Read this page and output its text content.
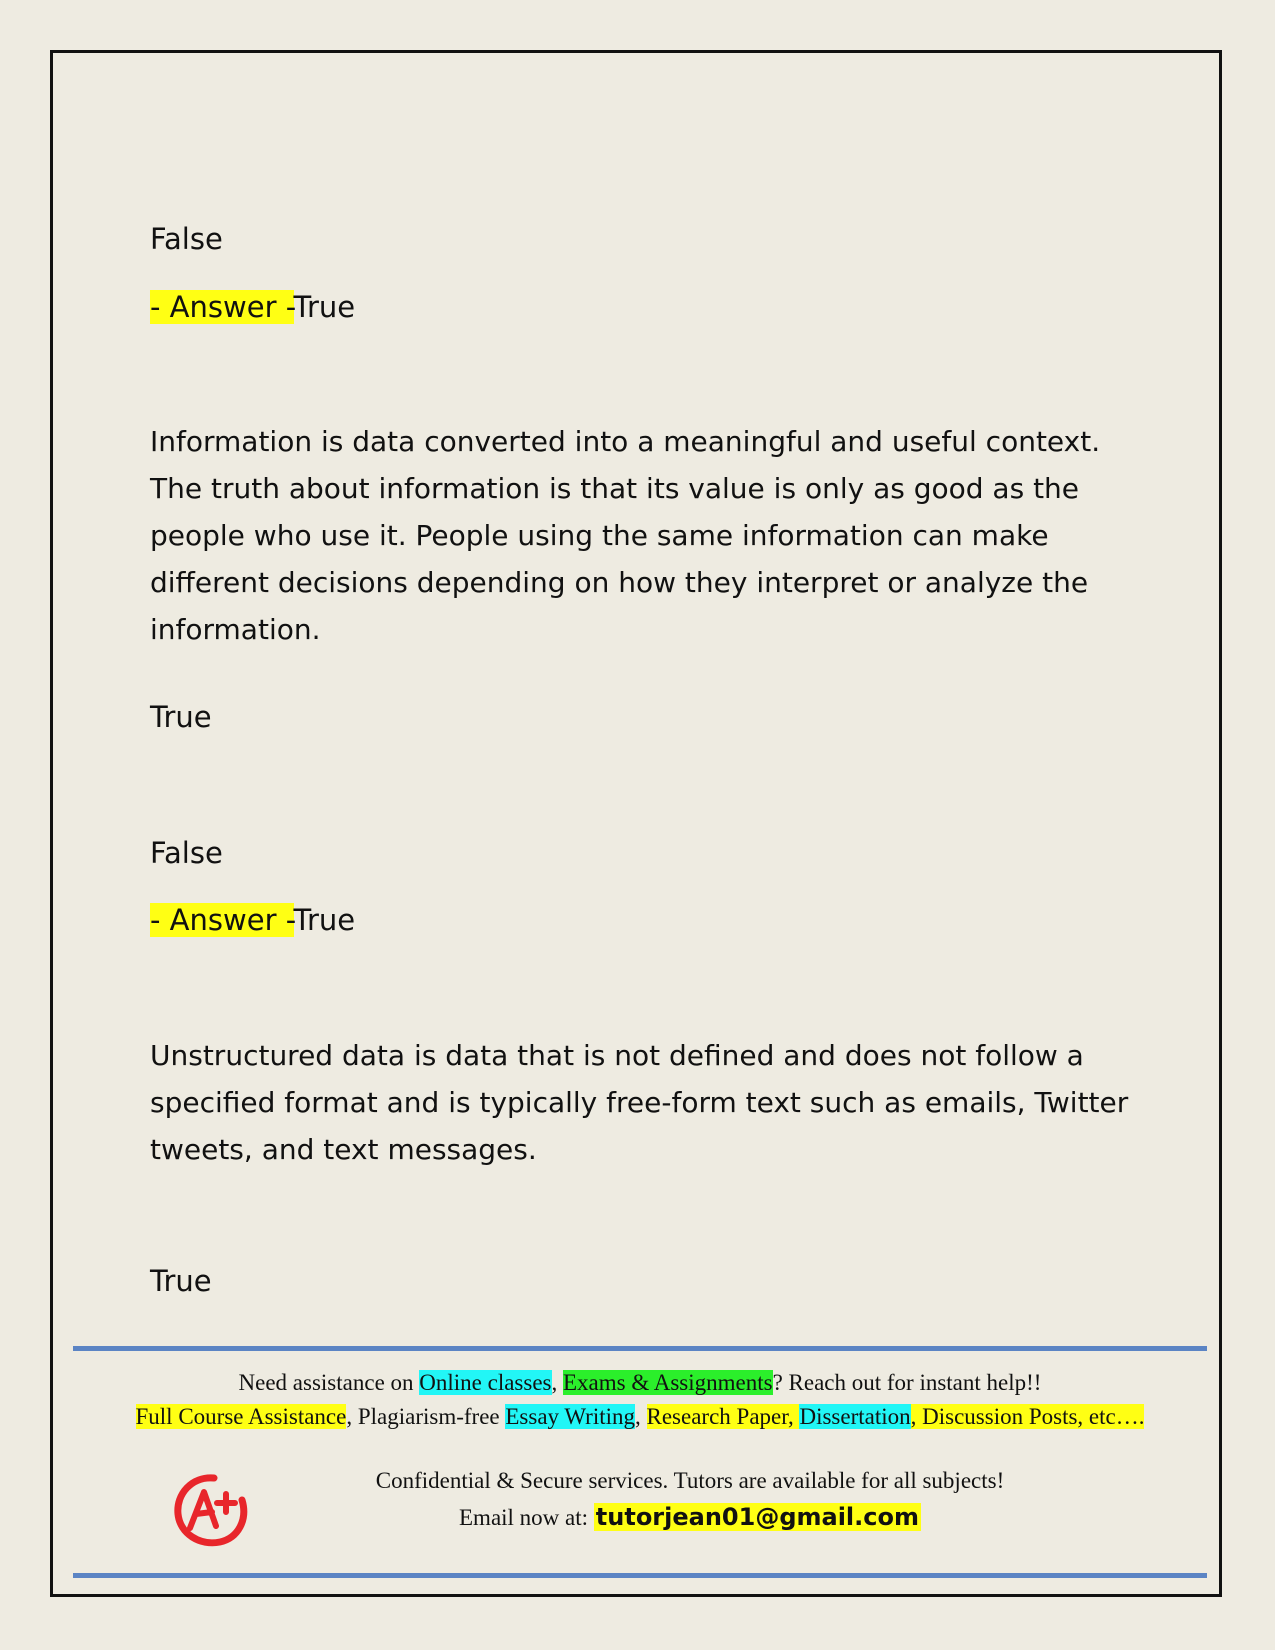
False

- Answer -True

Information is data converted into a meaningful and useful context. The truth about information is that its value is only as good as the people who use it. People using the same information can make different decisions depending on how they interpret or analyze the information.

True

False

- Answer -True

Unstructured data is data that is not defined and does not follow a specified format and is typically free-form text such as emails, Twitter tweets, and text messages.

True

Need assistance on Online classes, Exams & Assignments? Reach out for instant help!!

Full Course Assistance, Plagiarism-free Essay Writing, Research Paper, Dissertation, Discussion Posts, etc….

Confidential & Secure services. Tutors are available for all subjects!

Email now at: tutorjean01@gmail.com
